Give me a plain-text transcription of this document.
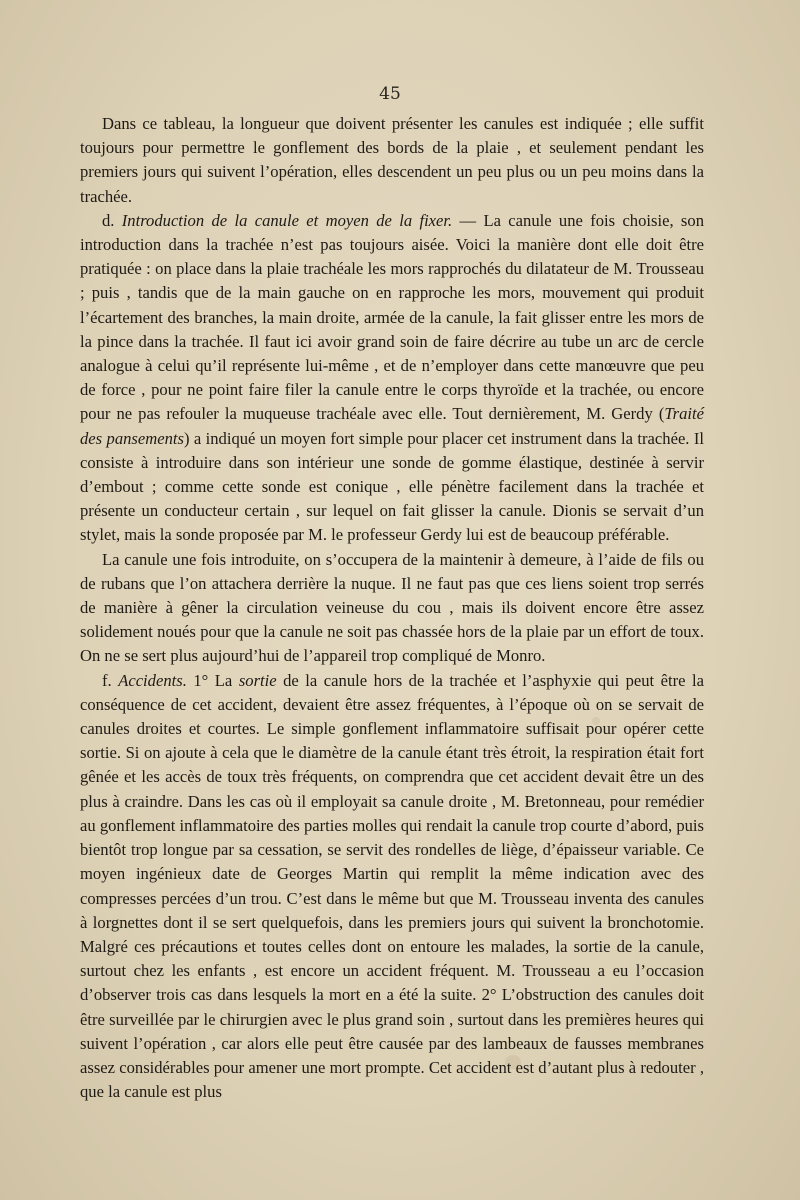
45

Dans ce tableau, la longueur que doivent présenter les canules est indiquée ; elle suffit toujours pour permettre le gonflement des bords de la plaie , et seulement pendant les premiers jours qui suivent l’opération, elles descendent un peu plus ou un peu moins dans la trachée.

d. Introduction de la canule et moyen de la fixer. — La canule une fois choisie, son introduction dans la trachée n’est pas toujours aisée. Voici la manière dont elle doit être pratiquée : on place dans la plaie trachéale les mors rapprochés du dilatateur de M. Trousseau ; puis , tandis que de la main gauche on en rapproche les mors, mouvement qui produit l’écartement des branches, la main droite, armée de la canule, la fait glisser entre les mors de la pince dans la trachée. Il faut ici avoir grand soin de faire décrire au tube un arc de cercle analogue à celui qu’il représente lui-même , et de n’employer dans cette manœuvre que peu de force , pour ne point faire filer la canule entre le corps thyroïde et la trachée, ou encore pour ne pas refouler la muqueuse trachéale avec elle. Tout dernièrement, M. Gerdy (Traité des pansements) a indiqué un moyen fort simple pour placer cet instrument dans la trachée. Il consiste à introduire dans son intérieur une sonde de gomme élastique, destinée à servir d’embout ; comme cette sonde est conique , elle pénètre facilement dans la trachée et présente un conducteur certain , sur lequel on fait glisser la canule. Dionis se servait d’un stylet, mais la sonde proposée par M. le professeur Gerdy lui est de beaucoup préférable.

La canule une fois introduite, on s’occupera de la maintenir à demeure, à l’aide de fils ou de rubans que l’on attachera derrière la nuque. Il ne faut pas que ces liens soient trop serrés de manière à gêner la circulation veineuse du cou , mais ils doivent encore être assez solidement noués pour que la canule ne soit pas chassée hors de la plaie par un effort de toux. On ne se sert plus aujourd’hui de l’appareil trop compliqué de Monro.

f. Accidents. 1° La sortie de la canule hors de la trachée et l’asphyxie qui peut être la conséquence de cet accident, devaient être assez fréquentes, à l’époque où on se servait de canules droites et courtes. Le simple gonflement inflammatoire suffisait pour opérer cette sortie. Si on ajoute à cela que le diamètre de la canule étant très étroit, la respiration était fort gênée et les accès de toux très fréquents, on comprendra que cet accident devait être un des plus à craindre. Dans les cas où il employait sa canule droite , M. Bretonneau, pour remédier au gonflement inflammatoire des parties molles qui rendait la canule trop courte d’abord, puis bientôt trop longue par sa cessation, se servit des rondelles de liège, d’épaisseur variable. Ce moyen ingénieux date de Georges Martin qui remplit la même indication avec des compresses percées d’un trou. C’est dans le même but que M. Trousseau inventa des canules à lorgnettes dont il se sert quelquefois, dans les premiers jours qui suivent la bronchotomie. Malgré ces précautions et toutes celles dont on entoure les malades, la sortie de la canule, surtout chez les enfants , est encore un accident fréquent. M. Trousseau a eu l’occasion d’observer trois cas dans lesquels la mort en a été la suite. 2° L’obstruction des canules doit être surveillée par le chirurgien avec le plus grand soin , surtout dans les premières heures qui suivent l’opération , car alors elle peut être causée par des lambeaux de fausses membranes assez considérables pour amener une mort prompte. Cet accident est d’autant plus à redouter , que la canule est plus
